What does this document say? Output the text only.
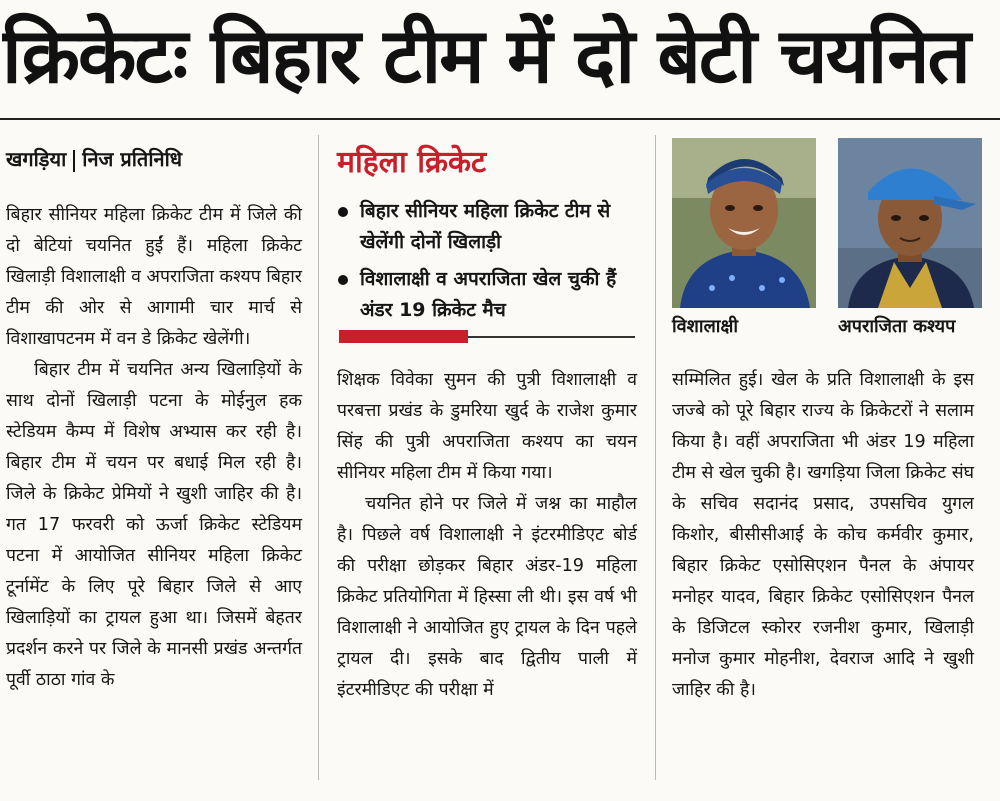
क्रिकेटः बिहार टीम में दो बेटी चयनित
खगड़िया निज प्रतिनिधि

बिहार सीनियर महिला क्रिकेट टीम में जिले की दो बेटियां चयनित हुईं हैं। महिला क्रिकेट खिलाड़ी विशालाक्षी व अपराजिता कश्यप बिहार टीम की ओर से आगामी चार मार्च से विशाखापटनम में वन डे क्रिकेट खेलेंगी।

बिहार टीम में चयनित अन्य खिलाड़ियों के साथ दोनों खिलाड़ी पटना के मोईनुल हक स्टेडियम कैम्प में विशेष अभ्यास कर रही है। बिहार टीम में चयन पर बधाई मिल रही है। जिले के क्रिकेट प्रेमियों ने खुशी जाहिर की है। गत 17 फरवरी को ऊर्जा क्रिकेट स्टेडियम पटना में आयोजित सीनियर महिला क्रिकेट टूर्नामेंट के लिए पूरे बिहार जिले से आए खिलाड़ियों का ट्रायल हुआ था। जिसमें बेहतर प्रदर्शन करने पर जिले के मानसी प्रखंड अन्तर्गत पूर्वी ठाठा गांव के

महिला क्रिकेट
बिहार सीनियर महिला क्रिकेट टीम से खेलेंगी दोनों खिलाड़ी
विशालाक्षी व अपराजिता खेल चुकी हैं अंडर 19 क्रिकेट मैच

शिक्षक विवेका सुमन की पुत्री विशालाक्षी व परबत्ता प्रखंड के डुमरिया खुर्द के राजेश कुमार सिंह की पुत्री अपराजिता कश्यप का चयन सीनियर महिला टीम में किया गया।

चयनित होने पर जिले में जश्न का माहौल है। पिछले वर्ष विशालाक्षी ने इंटरमीडिएट बोर्ड की परीक्षा छोड़कर बिहार अंडर-19 महिला क्रिकेट प्रतियोगिता में हिस्सा ली थी। इस वर्ष भी विशालाक्षी ने आयोजित हुए ट्रायल के दिन पहले ट्रायल दी। इसके बाद द्वितीय पाली में इंटरमीडिएट की परीक्षा में

विशालाक्षी	अपराजिता कश्यप

सम्मिलित हुई। खेल के प्रति विशालाक्षी के इस जज्बे को पूरे बिहार राज्य के क्रिकेटरों ने सलाम किया है। वहीं अपराजिता भी अंडर 19 महिला टीम से खेल चुकी है। खगड़िया जिला क्रिकेट संघ के सचिव सदानंद प्रसाद, उपसचिव युगल किशोर, बीसीसीआई के कोच कर्मवीर कुमार, बिहार क्रिकेट एसोसिएशन पैनल के अंपायर मनोहर यादव, बिहार क्रिकेट एसोसिएशन पैनल के डिजिटल स्कोरर रजनीश कुमार, खिलाड़ी मनोज कुमार मोहनीश, देवराज आदि ने खुशी जाहिर की है।
